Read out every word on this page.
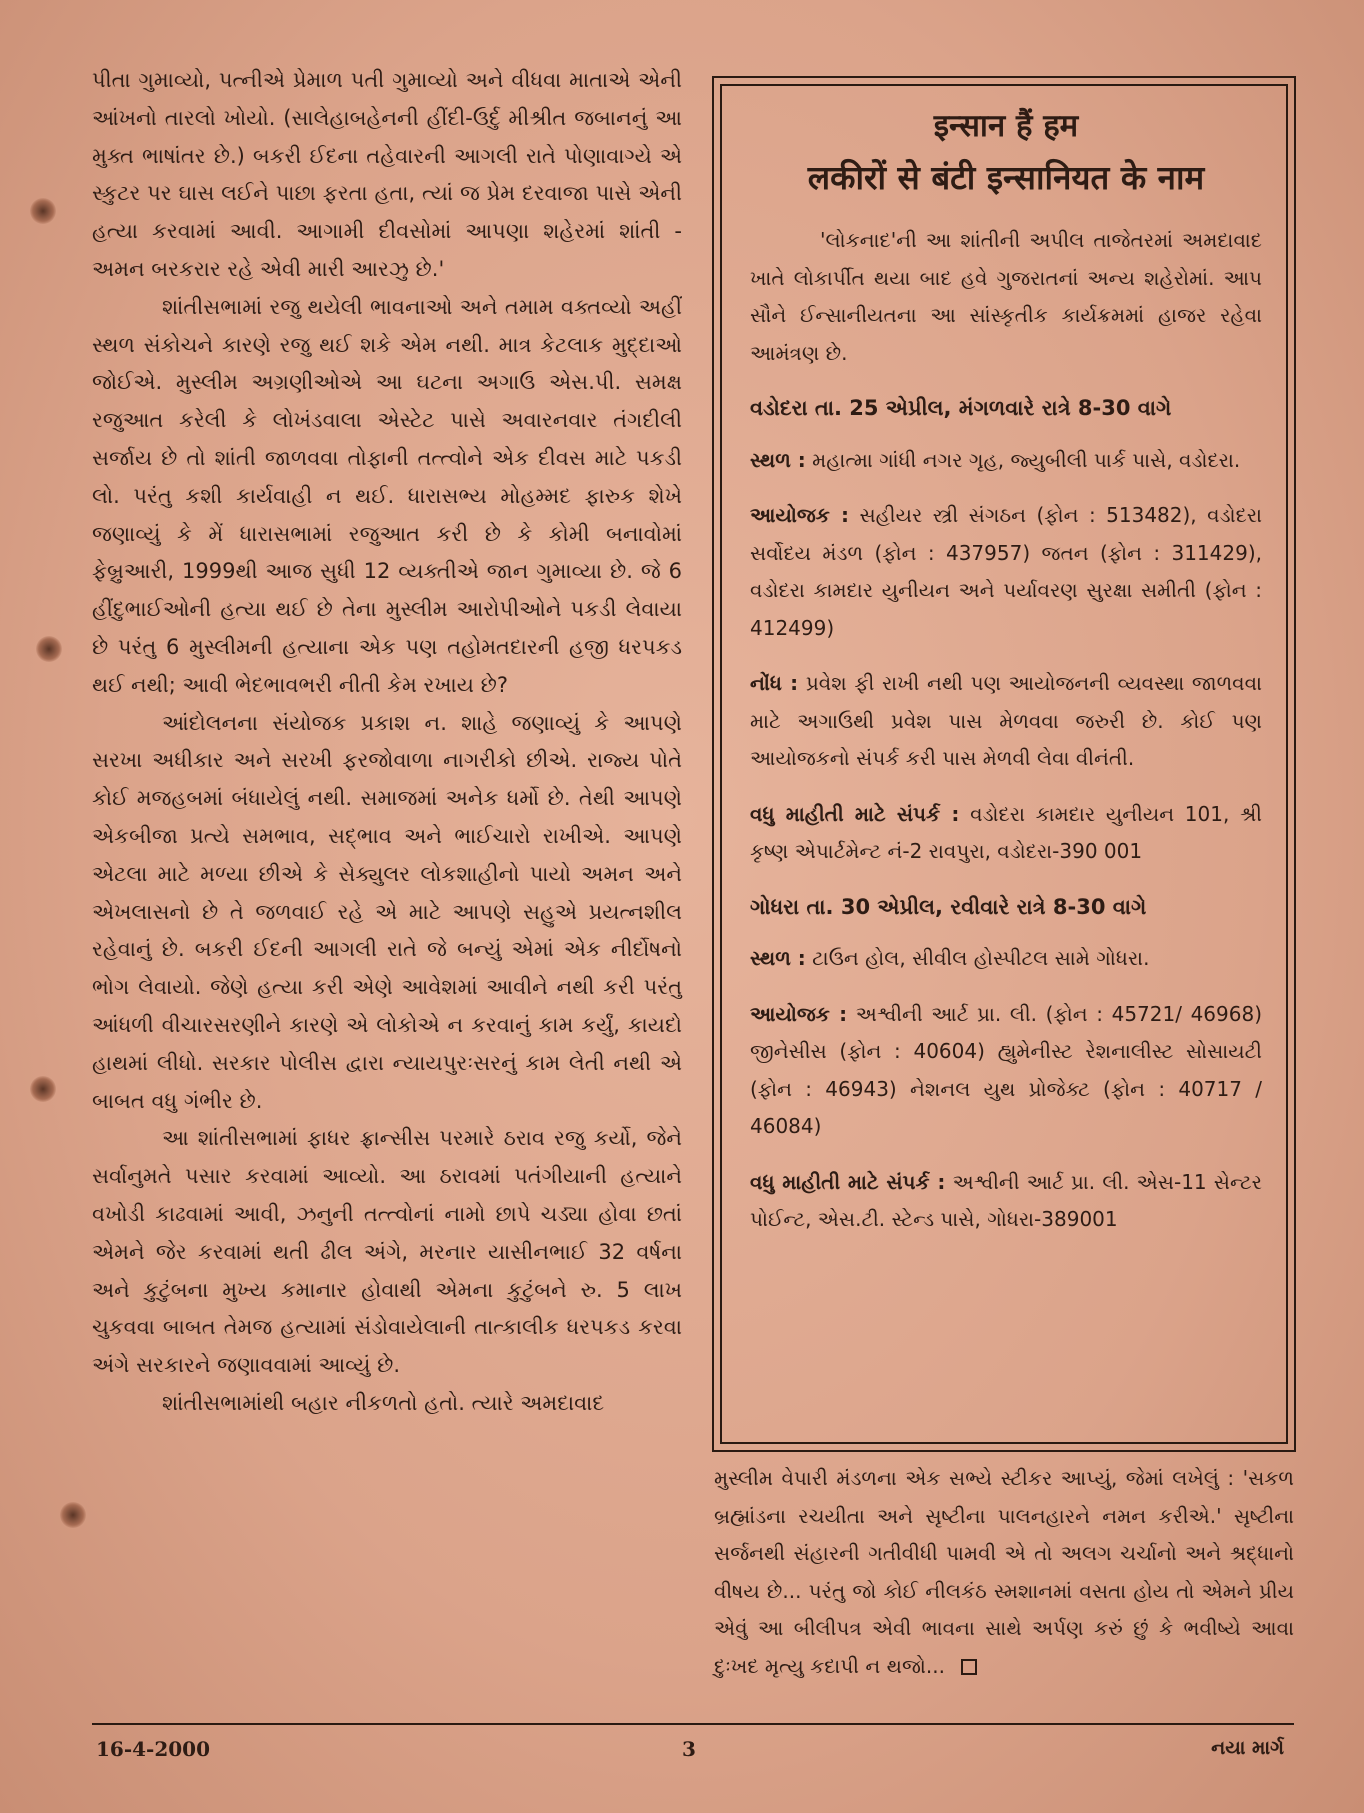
પીતા ગુમાવ્યો, પત્નીએ પ્રેમાળ પતી ગુમાવ્યો અને વીધવા માતાએ એની આંખનો તારલો ખોયો. (સાલેહાબહેનની હીંદી-ઉર્દુ મીશ્રીત જબાનનું આ મુક્ત ભાષાંતર છે.) બકરી ઈદના તહેવારની આગલી રાતે પોણાવાગ્યે એ સ્કુટર પર ઘાસ લઈને પાછા ફરતા હતા, ત્યાં જ પ્રેમ દરવાજા પાસે એની હત્યા કરવામાં આવી. આગામી દીવસોમાં આપણા શહેરમાં શાંતી - અમન બરકરાર રહે એવી મારી આરઝુ છે.'

શાંતીસભામાં રજુ થયેલી ભાવનાઓ અને તમામ વક્તવ્યો અહીં સ્થળ સંકોચને કારણે રજુ થઈ શકે એમ નથી. માત્ર કેટલાક મુદ્દાઓ જોઈએ. મુસ્લીમ અગ્રણીઓએ આ ઘટના અગાઉ એસ.પી. સમક્ષ રજુઆત કરેલી કે લોખંડવાલા એસ્ટેટ પાસે અવારનવાર તંગદીલી સર્જાય છે તો શાંતી જાળવવા તોફાની તત્ત્વોને એક દીવસ માટે પકડી લો. પરંતુ કશી કાર્યવાહી ન થઈ. ધારાસભ્ય મોહમ્મદ ફારુક શેખે જણાવ્યું કે મેં ધારાસભામાં રજુઆત કરી છે કે કોમી બનાવોમાં ફેબ્રુઆરી, 1999થી આજ સુધી 12 વ્યક્તીએ જાન ગુમાવ્યા છે. જે 6 હીંદુભાઈઓની હત્યા થઈ છે તેના મુસ્લીમ આરોપીઓને પકડી લેવાયા છે પરંતુ 6 મુસ્લીમની હત્યાના એક પણ તહોમતદારની હજી ધરપકડ થઈ નથી; આવી ભેદભાવભરી નીતી કેમ રખાય છે?

આંદોલનના સંયોજક પ્રકાશ ન. શાહે જણાવ્યું કે આપણે સરખા અધીકાર અને સરખી ફરજોવાળા નાગરીકો છીએ. રાજ્ય પોતે કોઈ મજહબમાં બંધાયેલું નથી. સમાજમાં અનેક ધર્મો છે. તેથી આપણે એકબીજા પ્રત્યે સમભાવ, સદ્ભાવ અને ભાઈચારો રાખીએ. આપણે એટલા માટે મળ્યા છીએ કે સેક્યુલર લોકશાહીનો પાયો અમન અને એખલાસનો છે તે જળવાઈ રહે એ માટે આપણે સહુએ પ્રયત્નશીલ રહેવાનું છે. બકરી ઈદની આગલી રાતે જે બન્યું એમાં એક નીર્દોષનો ભોગ લેવાયો. જેણે હત્યા કરી એણે આવેશમાં આવીને નથી કરી પરંતુ આંધળી વીચારસરણીને કારણે એ લોકોએ ન કરવાનું કામ કર્યું, કાયદો હાથમાં લીધો. સરકાર પોલીસ દ્વારા ન્યાયપુરઃસરનું કામ લેતી નથી એ બાબત વધુ ગંભીર છે.

આ શાંતીસભામાં ફાધર ફ્રાન્સીસ પરમારે ઠરાવ રજુ કર્યો, જેને સર્વાનુમતે પસાર કરવામાં આવ્યો. આ ઠરાવમાં પતંગીયાની હત્યાને વખોડી કાઢવામાં આવી, ઝનુની તત્ત્વોનાં નામો છાપે ચડ્યા હોવા છતાં એમને જેર કરવામાં થતી ઢીલ અંગે, મરનાર યાસીનભાઈ 32 વર્ષના અને કુટુંબના મુખ્ય કમાનાર હોવાથી એમના કુટુંબને રુ. 5 લાખ ચુકવવા બાબત તેમજ હત્યામાં સંડોવાયેલાની તાત્કાલીક ધરપકડ કરવા અંગે સરકારને જણાવવામાં આવ્યું છે.

શાંતીસભામાંથી બહાર નીકળતો હતો. ત્યારે અમદાવાદ

इन्सान हैं हम
लकीरों से बंटी इन्सानियत के नाम

'લોકનાદ'ની આ શાંતીની અપીલ તાજેતરમાં અમદાવાદ ખાતે લોકાર્પીત થયા બાદ હવે ગુજરાતનાં અન્ય શહેરોમાં. આપ સૌને ઈન્સાનીયતના આ સાંસ્કૃતીક કાર્યક્રમમાં હાજર રહેવા આમંત્રણ છે.

વડોદરા તા. 25 એપ્રીલ, મંગળવારે રાત્રે 8-30 વાગે

સ્થળ : મહાત્મા ગાંધી નગર ગૃહ, જ્યુબીલી પાર્ક પાસે, વડોદરા.

આયોજક : સહીયર સ્ત્રી સંગઠન (ફોન : 513482), વડોદરા સર્વોદય મંડળ (ફોન : 437957) જતન (ફોન : 311429), વડોદરા કામદાર યુનીયન અને પર્યાવરણ સુરક્ષા સમીતી (ફોન : 412499)

નોંધ : પ્રવેશ ફી રાખી નથી પણ આયોજનની વ્યવસ્થા જાળવવા માટે અગાઉથી પ્રવેશ પાસ મેળવવા જરુરી છે. કોઈ પણ આયોજકનો સંપર્ક કરી પાસ મેળવી લેવા વીનંતી.

વધુ માહીતી માટે સંપર્ક : વડોદરા કામદાર યુનીયન 101, શ્રી કૃષ્ણ એપાર્ટમેન્ટ નં-2 રાવપુરા, વડોદરા-390 001

ગોધરા તા. 30 એપ્રીલ, રવીવારે રાત્રે 8-30 વાગે

સ્થળ : ટાઉન હોલ, સીવીલ હોસ્પીટલ સામે ગોધરા.

આયોજક : અશ્વીની આર્ટ પ્રા. લી. (ફોન : 45721/ 46968) જીનેસીસ (ફોન : 40604) હ્યુમેનીસ્ટ રેશનાલીસ્ટ સોસાયટી (ફોન : 46943) નેશનલ યુથ પ્રોજેક્ટ (ફોન : 40717 / 46084)

વધુ માહીતી માટે સંપર્ક : અશ્વીની આર્ટ પ્રા. લી. એસ-11 સેન્ટર પોઈન્ટ, એસ.ટી. સ્ટેન્ડ પાસે, ગોધરા-389001

મુસ્લીમ વેપારી મંડળના એક સભ્યે સ્ટીકર આપ્યું, જેમાં લખેલું : 'સકળ બ્રહ્માંડના રચયીતા અને સૃષ્ટીના પાલનહારને નમન કરીએ.' સૃષ્ટીના સર્જનથી સંહારની ગતીવીધી પામવી એ તો અલગ ચર્ચાનો અને શ્રદ્ધાનો વીષય છે... પરંતુ જો કોઈ નીલકંઠ સ્મશાનમાં વસતા હોય તો એમને પ્રીય એવું આ બીલીપત્ર એવી ભાવના સાથે અર્પણ કરું છું કે ભવીષ્યે આવા દુઃખદ મૃત્યુ કદાપી ન થજો...

16-4-2000	3	નયા માર્ગ
